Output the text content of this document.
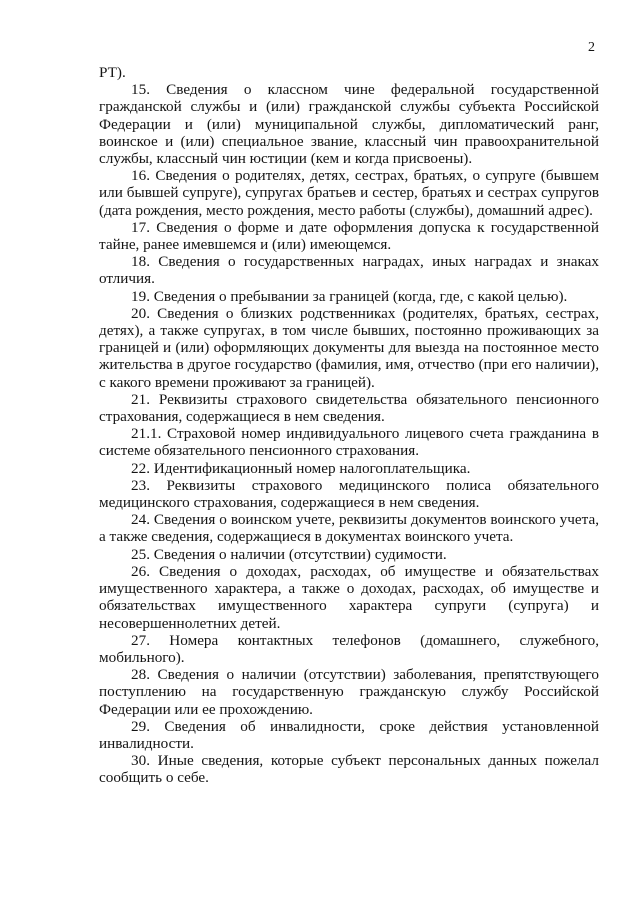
2

РТ).

15. Сведения о классном чине федеральной государственной гражданской службы и (или) гражданской службы субъекта Российской Федерации и (или) муниципальной службы, дипломатический ранг, воинское и (или) специальное звание, классный чин правоохранительной службы, классный чин юстиции (кем и когда присвоены).

16. Сведения о родителях, детях, сестрах, братьях, о супруге (бывшем или бывшей супруге), супругах братьев и сестер, братьях и сестрах супругов (дата рождения, место рождения, место работы (службы), домашний адрес).

17. Сведения о форме и дате оформления допуска к государственной тайне, ранее имевшемся и (или) имеющемся.

18. Сведения о государственных наградах, иных наградах и знаках отличия.

19. Сведения о пребывании за границей (когда, где, с какой целью).

20. Сведения о близких родственниках (родителях, братьях, сестрах, детях), а также супругах, в том числе бывших, постоянно проживающих за границей и (или) оформляющих документы для выезда на постоянное место жительства в другое государство (фамилия, имя, отчество (при его наличии), с какого времени проживают за границей).

21. Реквизиты страхового свидетельства обязательного пенсионного страхования, содержащиеся в нем сведения.

21.1. Страховой номер индивидуального лицевого счета гражданина в системе обязательного пенсионного страхования.

22. Идентификационный номер налогоплательщика.

23. Реквизиты страхового медицинского полиса обязательного медицинского страхования, содержащиеся в нем сведения.

24. Сведения о воинском учете, реквизиты документов воинского учета, а также сведения, содержащиеся в документах воинского учета.

25. Сведения о наличии (отсутствии) судимости.

26. Сведения о доходах, расходах, об имуществе и обязательствах имущественного характера, а также о доходах, расходах, об имуществе и обязательствах имущественного характера супруги (супруга) и несовершеннолетних детей.

27. Номера контактных телефонов (домашнего, служебного, мобильного).

28. Сведения о наличии (отсутствии) заболевания, препятствующего поступлению на государственную гражданскую службу Российской Федерации или ее прохождению.

29. Сведения об инвалидности, сроке действия установленной инвалидности.

30. Иные сведения, которые субъект персональных данных пожелал сообщить о себе.
